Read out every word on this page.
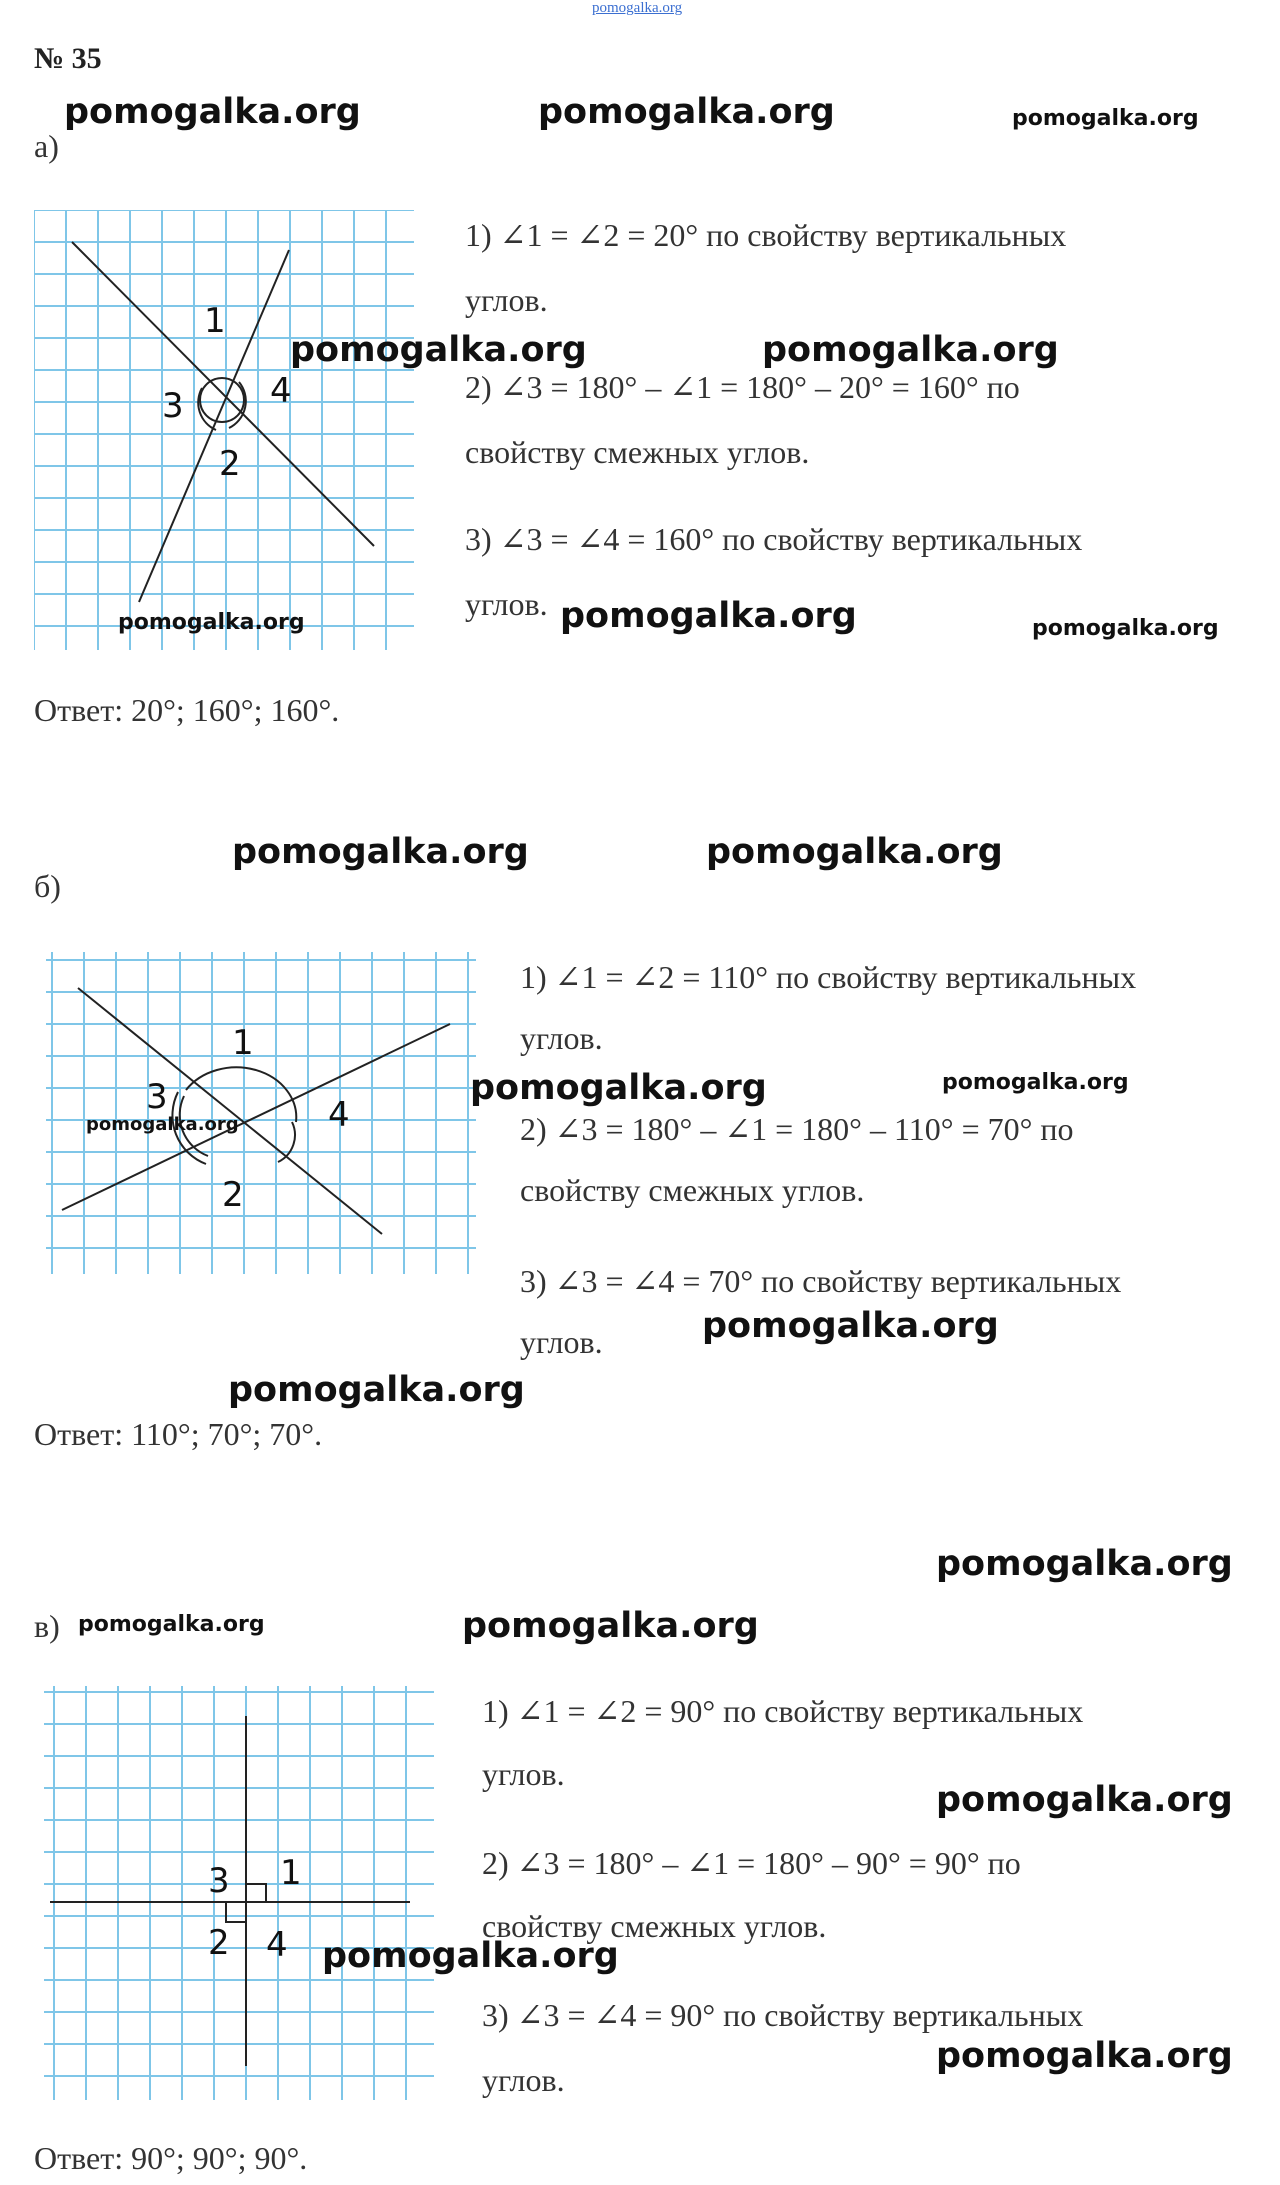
pomogalka.org
№ 35
а)
1
2
3	4
1) ∠1 = ∠2 = 20° по свойству вертикальных
углов.
2) ∠3 = 180° – ∠1 = 180° – 20° = 160° по
свойству смежных углов.
3) ∠3 = ∠4 = 160° по свойству вертикальных
углов.
Ответ: 20°; 160°; 160°.
б)
1
2
3	4
1) ∠1 = ∠2 = 110° по свойству вертикальных
углов.
2) ∠3 = 180° – ∠1 = 180° – 110° = 70° по
свойству смежных углов.
3) ∠3 = ∠4 = 70° по свойству вертикальных
углов.
Ответ: 110°; 70°; 70°.
в)
1
2
3
4
1) ∠1 = ∠2 = 90° по свойству вертикальных
углов.
2) ∠3 = 180° – ∠1 = 180° – 90° = 90° по
свойству смежных углов.
3) ∠3 = ∠4 = 90° по свойству вертикальных
углов.
Ответ: 90°; 90°; 90°.
pomogalka.org	pomogalka.org	pomogalka.org
pomogalka.org	pomogalka.org
pomogalka.org	pomogalka.org	pomogalka.org
pomogalka.org	pomogalka.org
pomogalka.org
pomogalka.org	pomogalka.org
pomogalka.org
pomogalka.org
pomogalka.org
pomogalka.org	pomogalka.org
pomogalka.org
pomogalka.org
pomogalka.org
